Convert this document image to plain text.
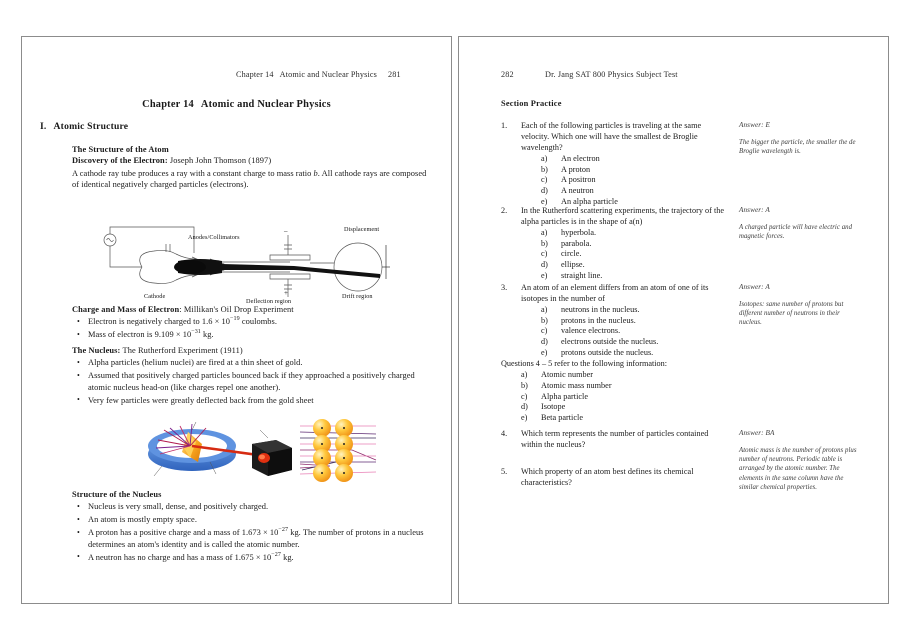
Chapter 14 Atomic and Nuclear Physics 281
Chapter 14 Atomic and Nuclear Physics
I. Atomic Structure
The Structure of the Atom
Discovery of the Electron: Joseph John Thomson (1897)

A cathode ray tube produces a ray with a constant charge to mass ratio b. All cathode rays are composed of identical negatively charged particles (electrons).

Anodes/Collimators
Cathode
Displacement
Drift region
Deflection region
–
+
Charge and Mass of Electron: Millikan's Oil Drop Experiment
• Electron is negatively charged to $1.6 \times 10^{-19}$ coulombs.
• Mass of electron is $9.109 \times 10^{-31}$ kg.
The Nucleus: The Rutherford Experiment (1911)
• Alpha particles (helium nuclei) are fired at a thin sheet of gold.
• Assumed that positively charged particles bounced back if they approached a positively charged atomic nucleus head-on (like charges repel one another).
• Very few particles were greatly deflected back from the gold sheet
Structure of the Nucleus
• Nucleus is very small, dense, and positively charged.
• An atom is mostly empty space.
• A proton has a positive charge and a mass of $1.673 \times 10^{-27}$ kg. The number of protons in a nucleus determines an atom's identity and is called the atomic number.
• A neutron has no charge and has a mass of $1.675 \times 10^{-27}$ kg.
282	Dr. Jang SAT 800 Physics Subject Test
Section Practice
1. Each of the following particles is traveling at the same velocity. Which one will have the smallest de Broglie wavelength?

a)	An electron
b)	A proton
c)	A positron
d)	A neutron
e)	An alpha particle

Answer: E

The bigger the particle, the smaller the de Broglie wavelength is.

2. In the Rutherford scattering experiments, the trajectory of the alpha particles is in the shape of a(n)

a)	hyperbola.
b)	parabola.
c)	circle.
d)	ellipse.
e)	straight line.

Answer: A

A charged particle will have electric and magnetic forces.

3. An atom of an element differs from an atom of one of its isotopes in the number of

a)	neutrons in the nucleus.
b)	protons in the nucleus.
c)	valence electrons.
d)	electrons outside the nucleus.
e)	protons outside the nucleus.

Answer: A

Isotopes: same number of protons but different number of neutrons in their nucleus.

Questions 4 – 5 refer to the following information:
a)	Atomic number
b)	Atomic mass number
c)	Alpha particle
d)	Isotope
e)	Beta particle
4. Which term represents the number of particles contained within the nucleus?

Answer: BA

Atomic mass is the number of protons plus number of neutrons. Periodic table is arranged by the atomic number. The elements in the same column have the similar chemical properties.

5. Which property of an atom best defines its chemical characteristics?
